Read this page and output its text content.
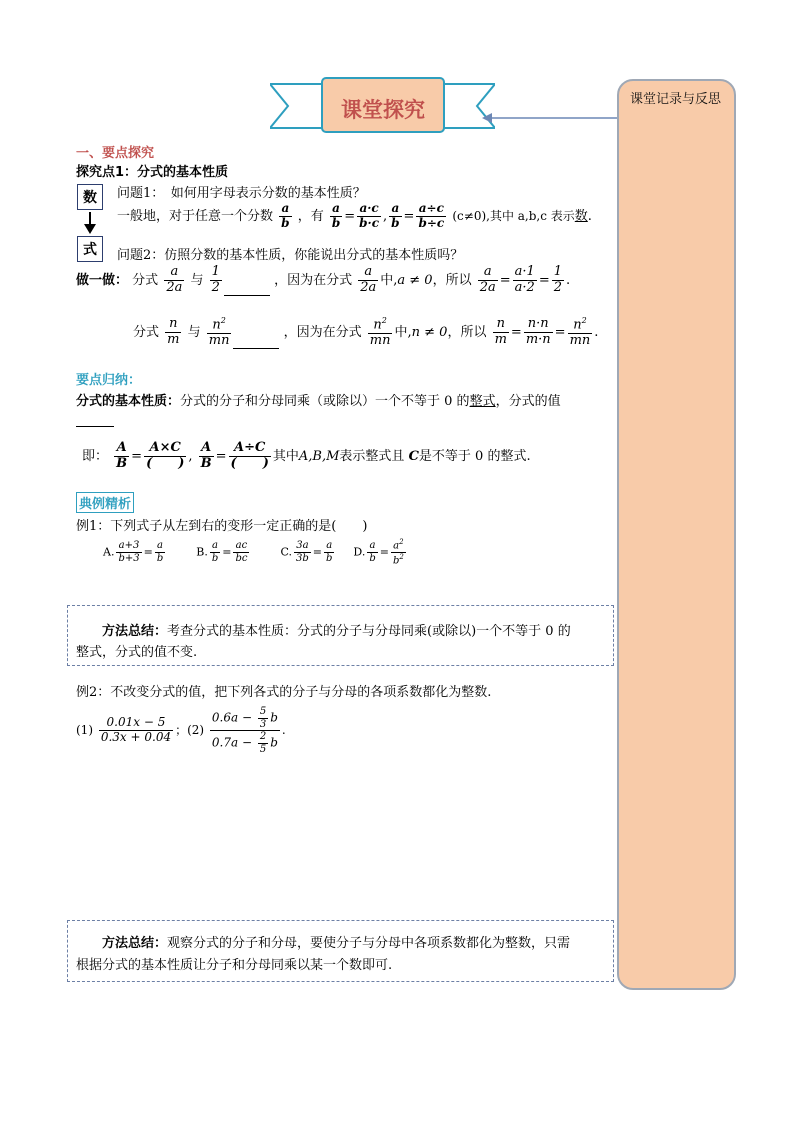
课堂探究	课堂记录与反思
一、要点探究
探究点1：分式的基本性质
数
式
问题1：　如何用字母表示分数的基本性质？
一般地，对于任意一个分数 $\frac{a}{b}$ ，有 $\frac{a}{b} = \frac{a\cdot c}{b\cdot c}$ , $\frac{a}{b} = \frac{a\div c}{b\div c} (c\ne 0)$,其中 a,b,c 表示数.
问题2：仿照分数的基本性质，你能说出分式的基本性质吗？
做一做： 分式 $\frac{a}{2a}$ 与 $\frac{1}{2}$	，因为在分式 $\frac{a}{2a}$ 中,a ≠ 0，所以 $\frac{a}{2a} = \frac{a\cdot 1}{a\cdot 2} = \frac{1}{2}$ .
分式 $\frac{n}{m}$ 与 $\frac{n^2}{mn}$	，因为在分式 $\frac{n^2}{mn}$ 中,n ≠ 0，所以 $\frac{n}{m} = \frac{n\cdot n}{m\cdot n} = \frac{n^2}{mn}$ .
要点归纳：
分式的基本性质：分式的分子和分母同乘（或除以）一个不等于 0 的整式，分式的值
即： $\frac{A}{B} = \frac{A\times C}{( )}$ , $\frac{A}{B} = \frac{A\div C}{( )}$ 其中A,B,M表示整式且 C是不等于 0 的整式.
典例精析
例1：下列式子从左到右的变形一定正确的是(　　)
A. $\frac{a+3}{b+3} = \frac{a}{b}$	B. $\frac{a}{b} = \frac{ac}{bc}$	C. $\frac{3a}{3b} = \frac{a}{b} D$. $\frac{a}{b} = \frac{a^2}{b^2}$
方法总结：考查分式的基本性质：分式的分子与分母同乘(或除以)一个不等于 0 的
整式，分式的值不变.
例2：不改变分式的值，把下列各式的分子与分母的各项系数都化为整数.
$(1) \frac{0.01x - 5}{0.3x + 0.04}$ ；$(2) \frac{0.6a - \frac{5}{3} b}{0.7a - \frac{2}{5} b}$ .
方法总结：观察分式的分子和分母，要使分子与分母中各项系数都化为整数，只需
根据分式的基本性质让分子和分母同乘以某一个数即可.
